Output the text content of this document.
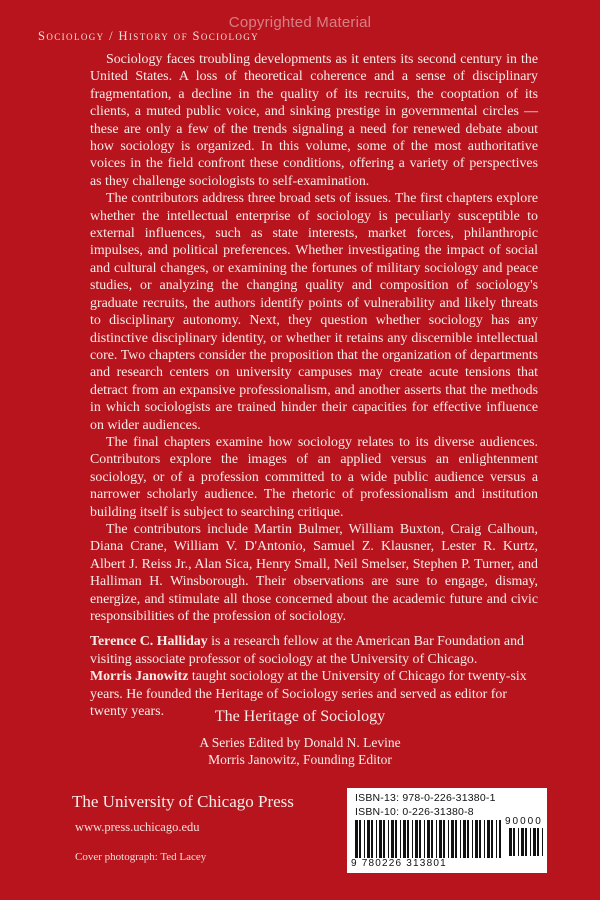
Copyrighted Material
Sociology / History of Sociology

Sociology faces troubling developments as it enters its second century in the United States. A loss of theoretical coherence and a sense of disciplinary fragmentation, a decline in the quality of its recruits, the cooptation of its clients, a muted public voice, and sinking prestige in governmental circles —these are only a few of the trends signaling a need for renewed debate about how sociology is organized. In this volume, some of the most authoritative voices in the field confront these conditions, offering a variety of perspectives as they challenge sociologists to self-examination.

The contributors address three broad sets of issues. The first chapters explore whether the intellectual enterprise of sociology is peculiarly susceptible to external influences, such as state interests, market forces, philanthropic impulses, and political preferences. Whether investigating the impact of social and cultural changes, or examining the fortunes of military sociology and peace studies, or analyzing the changing quality and composition of sociology's graduate recruits, the authors identify points of vulnerability and likely threats to disciplinary autonomy. Next, they question whether sociology has any distinctive disciplinary identity, or whether it retains any discernible intellectual core. Two chapters consider the proposition that the organization of departments and research centers on university campuses may create acute tensions that detract from an expansive professionalism, and another asserts that the methods in which sociologists are trained hinder their capacities for effective influence on wider audiences.

The final chapters examine how sociology relates to its diverse audiences. Contributors explore the images of an applied versus an enlightenment sociology, or of a profession committed to a wide public audience versus a narrower scholarly audience. The rhetoric of professionalism and institution building itself is subject to searching critique.

The contributors include Martin Bulmer, William Buxton, Craig Calhoun, Diana Crane, William V. D'Antonio, Samuel Z. Klausner, Lester R. Kurtz, Albert J. Reiss Jr., Alan Sica, Henry Small, Neil Smelser, Stephen P. Turner, and Halliman H. Winsborough. Their observations are sure to engage, dismay, energize, and stimulate all those concerned about the academic future and civic responsibilities of the profession of sociology.

Terence C. Halliday is a research fellow at the American Bar Foundation and visiting associate professor of sociology at the University of Chicago.

Morris Janowitz taught sociology at the University of Chicago for twenty-six years. He founded the Heritage of Sociology series and served as editor for twenty years.	The Heritage of Sociology
A Series Edited by Donald N. Levine
Morris Janowitz, Founding Editor
The University of Chicago Press
www.press.uchicago.edu
Cover photograph: Ted Lacey
ISBN-13: 978-0-226-31380-1
ISBN-10: 0-226-31380-8
90000
9 780226 313801
